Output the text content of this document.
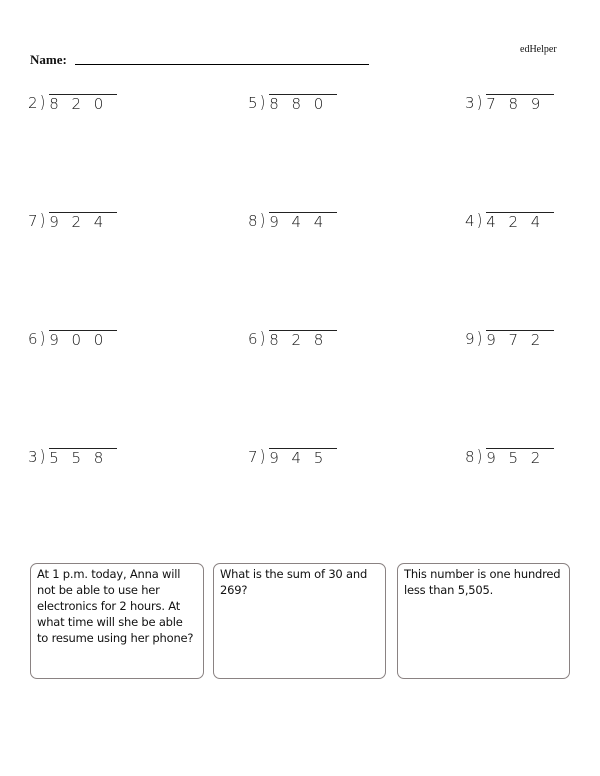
edHelper
Name:
2 ) 8 2 0	5 ) 8 8 0	3 ) 7 8 9
7 ) 9 2 4	8 ) 9 4 4	4 ) 4 2 4
6 ) 9 0 0	6 ) 8 2 8	9 ) 9 7 2
3 ) 5 5 8	7 ) 9 4 5	8 ) 9 5 2
At 1 p.m. today, Anna will not be able to use her electronics for 2 hours. At what time will she be able to resume using her phone?
What is the sum of 30 and 269?
This number is one hundred less than 5,505.
